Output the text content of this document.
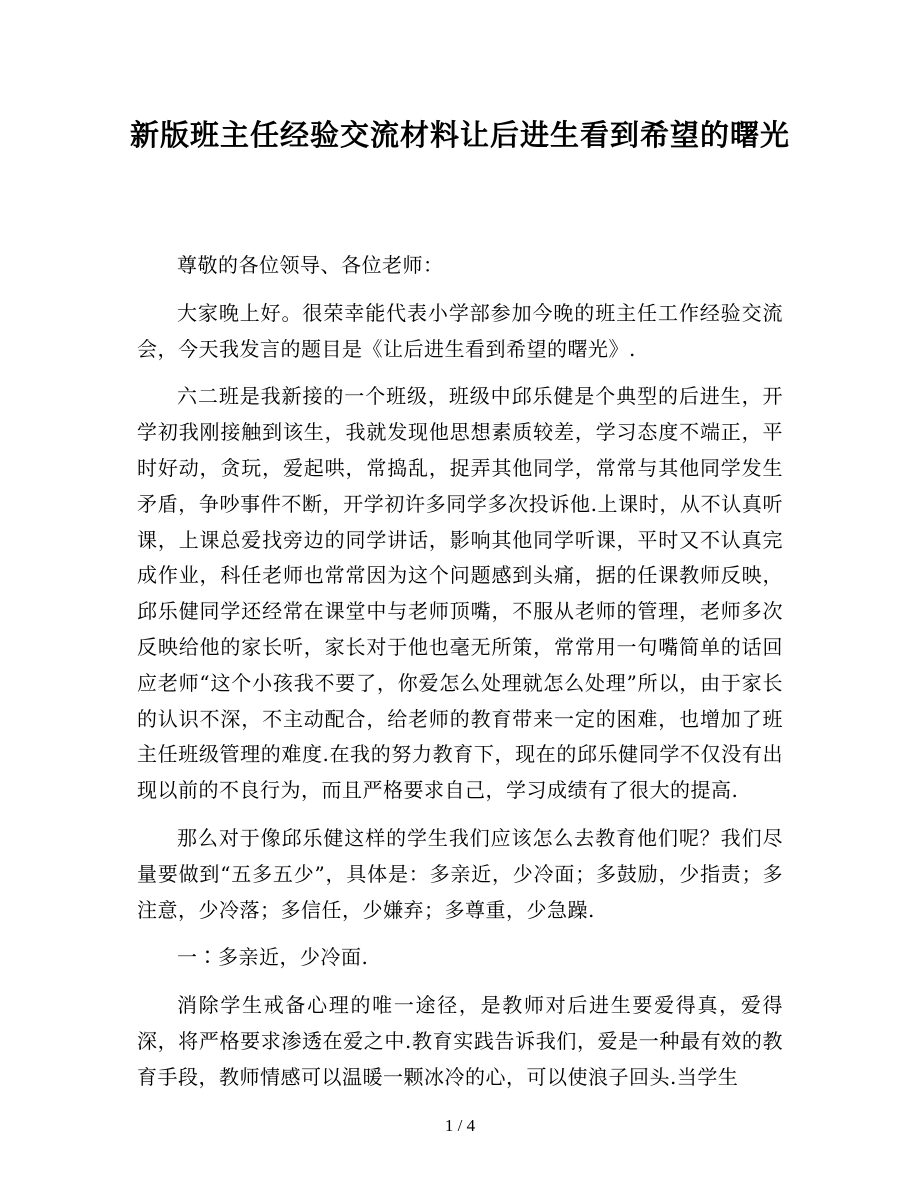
新版班主任经验交流材料让后进生看到希望的曙光

尊敬的各位领导、各位老师：

大家晚上好。很荣幸能代表小学部参加今晚的班主任工作经验交流会，今天我发言的题目是《让后进生看到希望的曙光》.

六二班是我新接的一个班级，班级中邱乐健是个典型的后进生，开学初我刚接触到该生，我就发现他思想素质较差，学习态度不端正，平时好动，贪玩，爱起哄，常捣乱，捉弄其他同学，常常与其他同学发生矛盾，争吵事件不断，开学初许多同学多次投诉他.上课时，从不认真听课，上课总爱找旁边的同学讲话，影响其他同学听课，平时又不认真完成作业，科任老师也常常因为这个问题感到头痛，据的任课教师反映，邱乐健同学还经常在课堂中与老师顶嘴，不服从老师的管理，老师多次反映给他的家长听，家长对于他也毫无所策，常常用一句嘴简单的话回应老师“这个小孩我不要了，你爱怎么处理就怎么处理”所以，由于家长的认识不深，不主动配合，给老师的教育带来一定的困难，也增加了班主任班级管理的难度.在我的努力教育下，现在的邱乐健同学不仅没有出现以前的不良行为，而且严格要求自己，学习成绩有了很大的提高.

那么对于像邱乐健这样的学生我们应该怎么去教育他们呢？我们尽量要做到“五多五少”，具体是：多亲近，少冷面；多鼓励，少指责；多注意，少冷落；多信任，少嫌弃；多尊重，少急躁.

一∶多亲近，少冷面.

消除学生戒备心理的唯一途径，是教师对后进生要爱得真，爱得深，将严格要求渗透在爱之中.教育实践告诉我们，爱是一种最有效的教育手段，教师情感可以温暖一颗冰冷的心，可以使浪子回头.当学生

1 / 4
